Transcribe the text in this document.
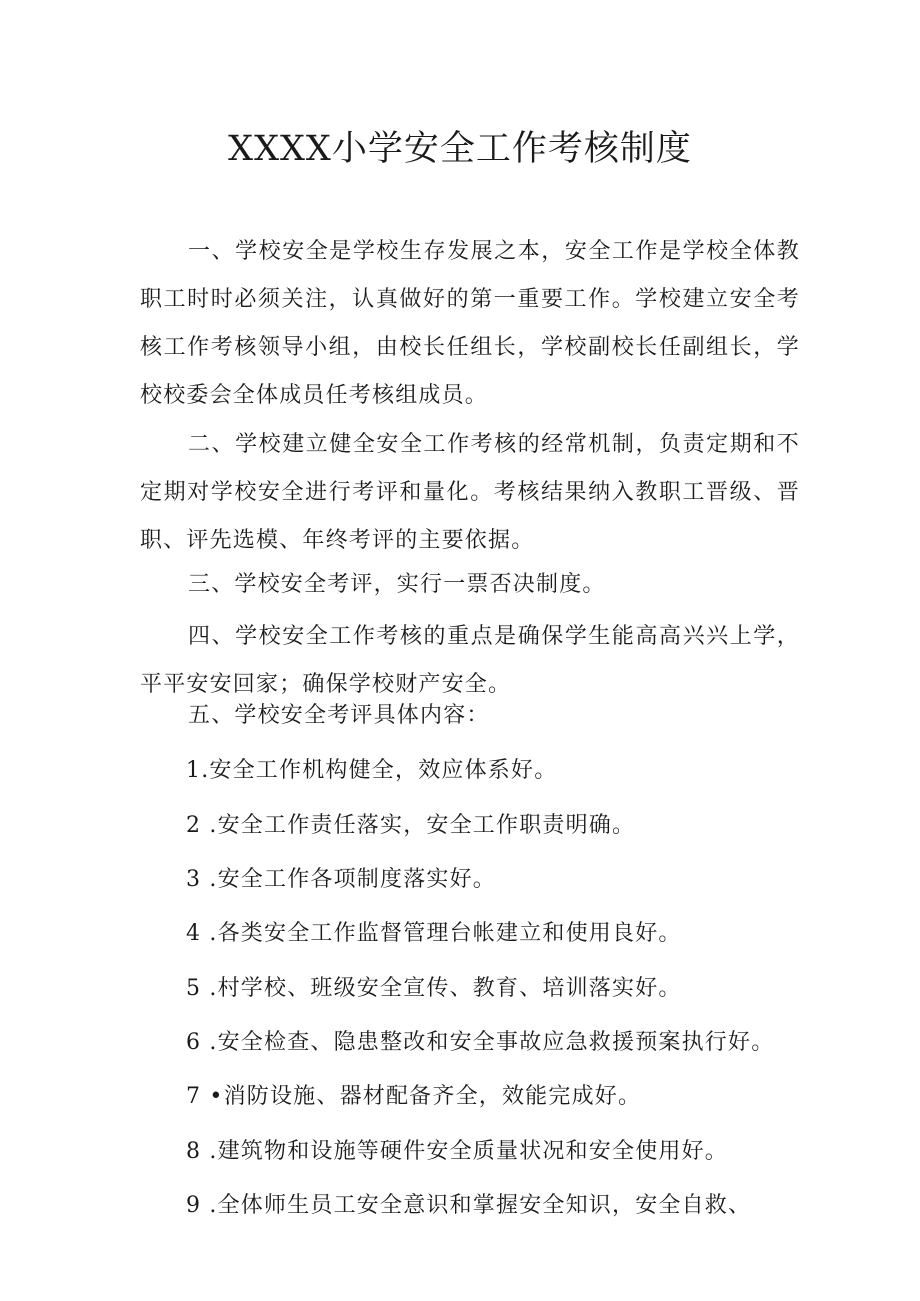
XXXX小学安全工作考核制度
一、学校安全是学校生存发展之本，安全工作是学校全体教职工时时必须关注，认真做好的第一重要工作。学校建立安全考核工作考核领导小组，由校长任组长，学校副校长任副组长，学校校委会全体成员任考核组成员。
二、学校建立健全安全工作考核的经常机制，负责定期和不定期对学校安全进行考评和量化。考核结果纳入教职工晋级、晋职、评先选模、年终考评的主要依据。
三、学校安全考评，实行一票否决制度。
四、学校安全工作考核的重点是确保学生能高高兴兴上学，平平安安回家；确保学校财产安全。
五、学校安全考评具体内容：
1.安全工作机构健全，效应体系好。
2 .安全工作责任落实，安全工作职责明确。
3 .安全工作各项制度落实好。
4 .各类安全工作监督管理台帐建立和使用良好。
5 .村学校、班级安全宣传、教育、培训落实好。
6 .安全检查、隐患整改和安全事故应急救援预案执行好。
7 •消防设施、器材配备齐全，效能完成好。
8 .建筑物和设施等硬件安全质量状况和安全使用好。
9 .全体师生员工安全意识和掌握安全知识，安全自救、
